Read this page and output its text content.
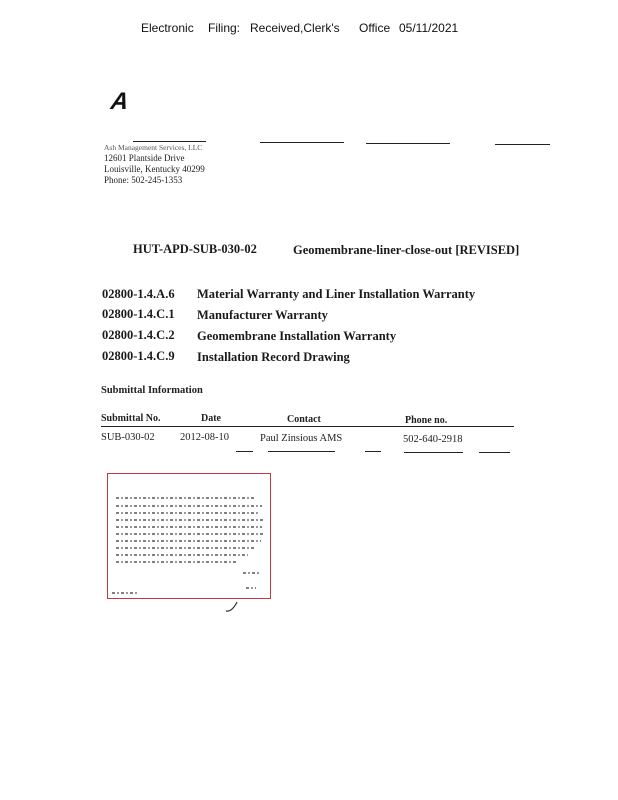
Electronic Filing: Received,Clerk's Office 05/11/2021
A
Ash Management Services, LLC
12601 Plantside Drive
Louisville, Kentucky 40299
Phone: 502-245-1353
HUT-APD-SUB-030-02	Geomembrane-liner-close-out [REVISED]
02800-1.4.A.6 Material Warranty and Liner Installation Warranty
02800-1.4.C.1 Manufacturer Warranty
02800-1.4.C.2 Geomembrane Installation Warranty
02800-1.4.C.9 Installation Record Drawing
Submittal Information
Submittal No.	Date	Contact	Phone no.
SUB-030-02 2012-08-10	Paul Zinsious AMS	502-640-2918
